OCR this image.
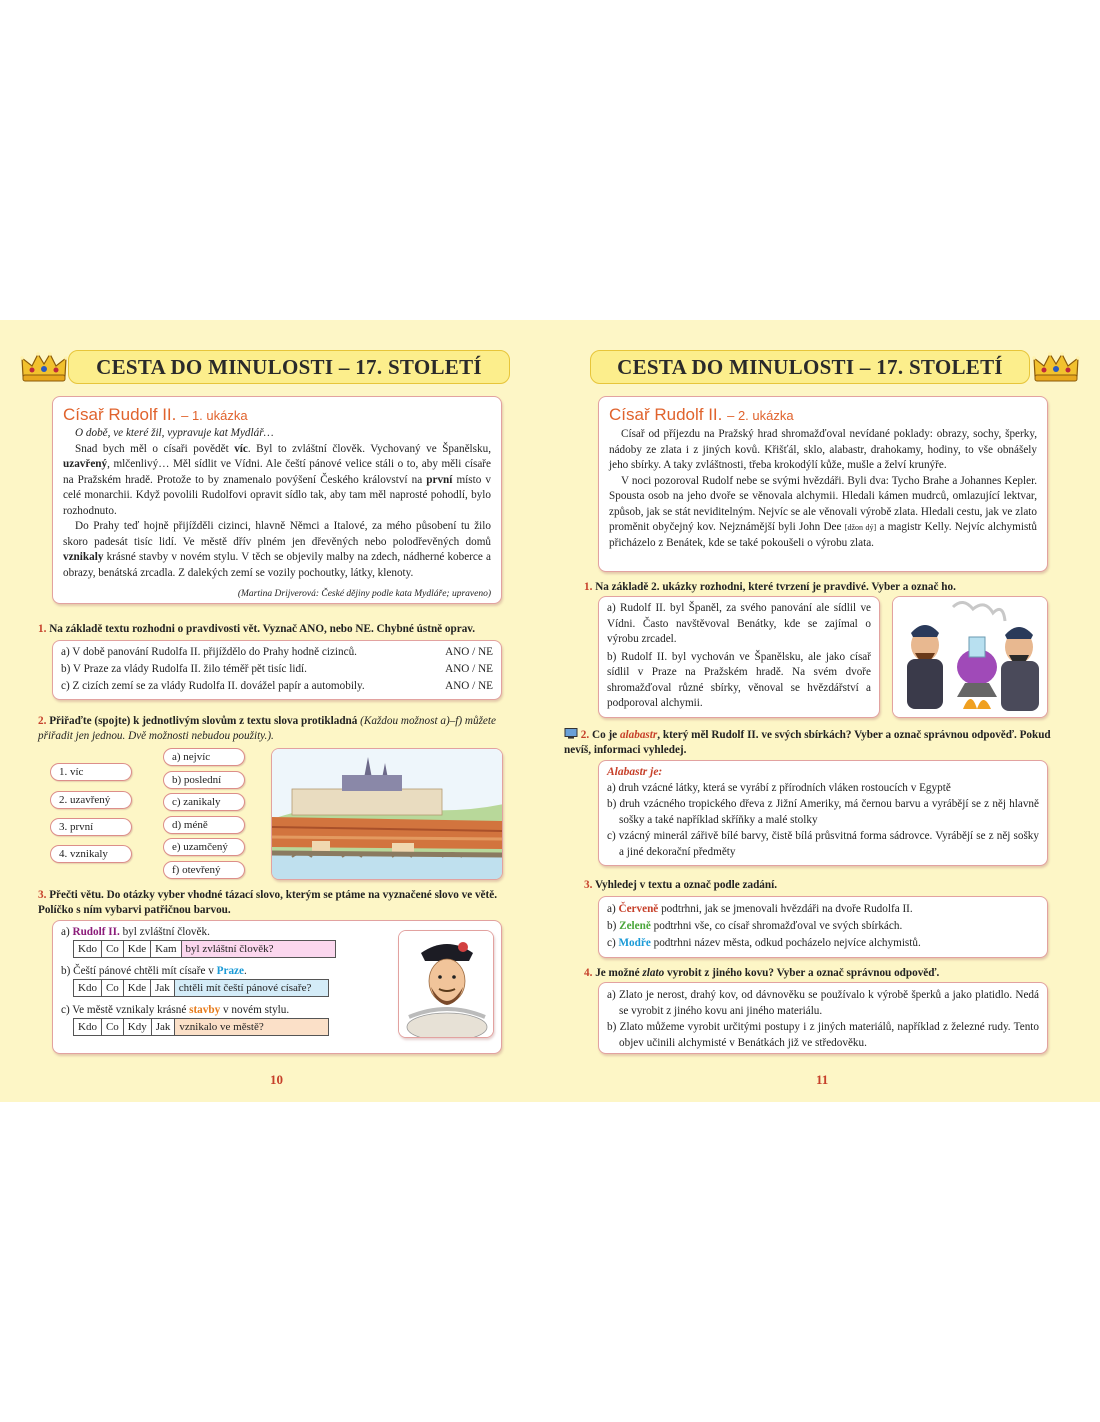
CESTA DO MINULOSTI – 17. STOLETÍ
Císař Rudolf II. – 1. ukázka

O době, ve které žil, vypravuje kat Mydlář…

Snad bych měl o císaři povědět víc. Byl to zvláštní člověk. Vychovaný ve Španělsku, uzavřený, mlčenlivý… Měl sídlit ve Vídni. Ale čeští pánové velice stáli o to, aby měli císaře na Pražském hradě. Protože to by znamenalo povýšení Českého království na první místo v celé monarchii. Když povolili Rudolfovi opravit sídlo tak, aby tam měl naprosté pohodlí, bylo rozhodnuto.

Do Prahy teď hojně přijížděli cizinci, hlavně Němci a Italové, za mého působení tu žilo skoro padesát tisíc lidí. Ve městě dřív plném jen dřevěných nebo polodřevěných domů vznikaly krásné stavby v novém stylu. V těch se objevily malby na zdech, nádherné koberce a obrazy, benátská zrcadla. Z dalekých zemí se vozily pochoutky, látky, klenoty.

(Martina Drijverová: České dějiny podle kata Mydláře; upraveno)
1. Na základě textu rozhodni o pravdivosti vět. Vyznač ANO, nebo NE. Chybné ústně oprav.
a) V době panování Rudolfa II. přijíždělo do Prahy hodně cizinců.	ANO / NE
b) V Praze za vlády Rudolfa II. žilo téměř pět tisíc lidí.	ANO / NE
c) Z cizích zemí se za vlády Rudolfa II. dovážel papír a automobily.	ANO / NE
2. Přiřaďte (spojte) k jednotlivým slovům z textu slova protikladná (Každou možnost a)–f) můžete přiřadit jen jednou. Dvě možnosti nebudou použity.).
1. víc
2. uzavřený
3. první
4. vznikaly
a) nejvíc
b) poslední
c) zanikaly
d) méně
e) uzamčený
f) otevřený
3. Přečti větu. Do otázky vyber vhodné tázací slovo, kterým se ptáme na vyznačené slovo ve větě. Políčko s ním vybarvi patřičnou barvou.
a) Rudolf II. byl zvláštní člověk.
Kdo	Co	Kde	Kam	byl zvláštní člověk?
b) Čeští pánové chtěli mít císaře v Praze.
Kdo	Co	Kde	Jak	chtěli mít čeští pánové císaře?
c) Ve městě vznikaly krásné stavby v novém stylu.
Kdo	Co	Kdy	Jak	vznikalo ve městě?
10
CESTA DO MINULOSTI – 17. STOLETÍ
Císař Rudolf II. – 2. ukázka

Císař od příjezdu na Pražský hrad shromažďoval nevídané poklady: obrazy, sochy, šperky, nádoby ze zlata i z jiných kovů. Křišťál, sklo, alabastr, drahokamy, hodiny, to vše obnášely jeho sbírky. A taky zvláštnosti, třeba krokodýlí kůže, mušle a želví krunýře.

V noci pozoroval Rudolf nebe se svými hvězdáři. Byli dva: Tycho Brahe a Johannes Kepler. Spousta osob na jeho dvoře se věnovala alchymii. Hledali kámen mudrců, omlazující lektvar, způsob, jak se stát neviditelným. Nejvíc se ale věnovali výrobě zlata. Hledali cestu, jak ve zlato proměnit obyčejný kov. Nejznámější byli John Dee [džon dý] a magistr Kelly. Nejvíc alchymistů přicházelo z Benátek, kde se také pokoušeli o výrobu zlata.

1. Na základě 2. ukázky rozhodni, které tvrzení je pravdivé. Vyber a označ ho.
a) Rudolf II. byl Španěl, za svého panování ale sídlil ve Vídni. Často navštěvoval Benátky, kde se zajímal o výrobu zrcadel.
b) Rudolf II. byl vychován ve Španělsku, ale jako císař sídlil v Praze na Pražském hradě. Na svém dvoře shromažďoval různé sbírky, věnoval se hvězdářství a podporoval alchymii.
2. Co je alabastr, který měl Rudolf II. ve svých sbírkách? Vyber a označ správnou odpověď. Pokud nevíš, informaci vyhledej.
Alabastr je:
a) druh vzácné látky, která se vyrábí z přírodních vláken rostoucích v Egyptě
b) druh vzácného tropického dřeva z Jižní Ameriky, má černou barvu a vyrábějí se z něj hlavně sošky a také například skříňky a malé stolky
c) vzácný minerál zářivě bílé barvy, čistě bílá průsvitná forma sádrovce. Vyrábějí se z něj sošky a jiné dekorační předměty
3. Vyhledej v textu a označ podle zadání.
a) Červeně podtrhni, jak se jmenovali hvězdáři na dvoře Rudolfa II.
b) Zeleně podtrhni vše, co císař shromažďoval ve svých sbírkách.
c) Modře podtrhni název města, odkud pocházelo nejvíce alchymistů.
4. Je možné zlato vyrobit z jiného kovu? Vyber a označ správnou odpověď.
a) Zlato je nerost, drahý kov, od dávnověku se používalo k výrobě šperků a jako platidlo. Nedá se vyrobit z jiného kovu ani jiného materiálu.
b) Zlato můžeme vyrobit určitými postupy i z jiných materiálů, například z železné rudy. Tento objev učinili alchymisté v Benátkách již ve středověku.
11
